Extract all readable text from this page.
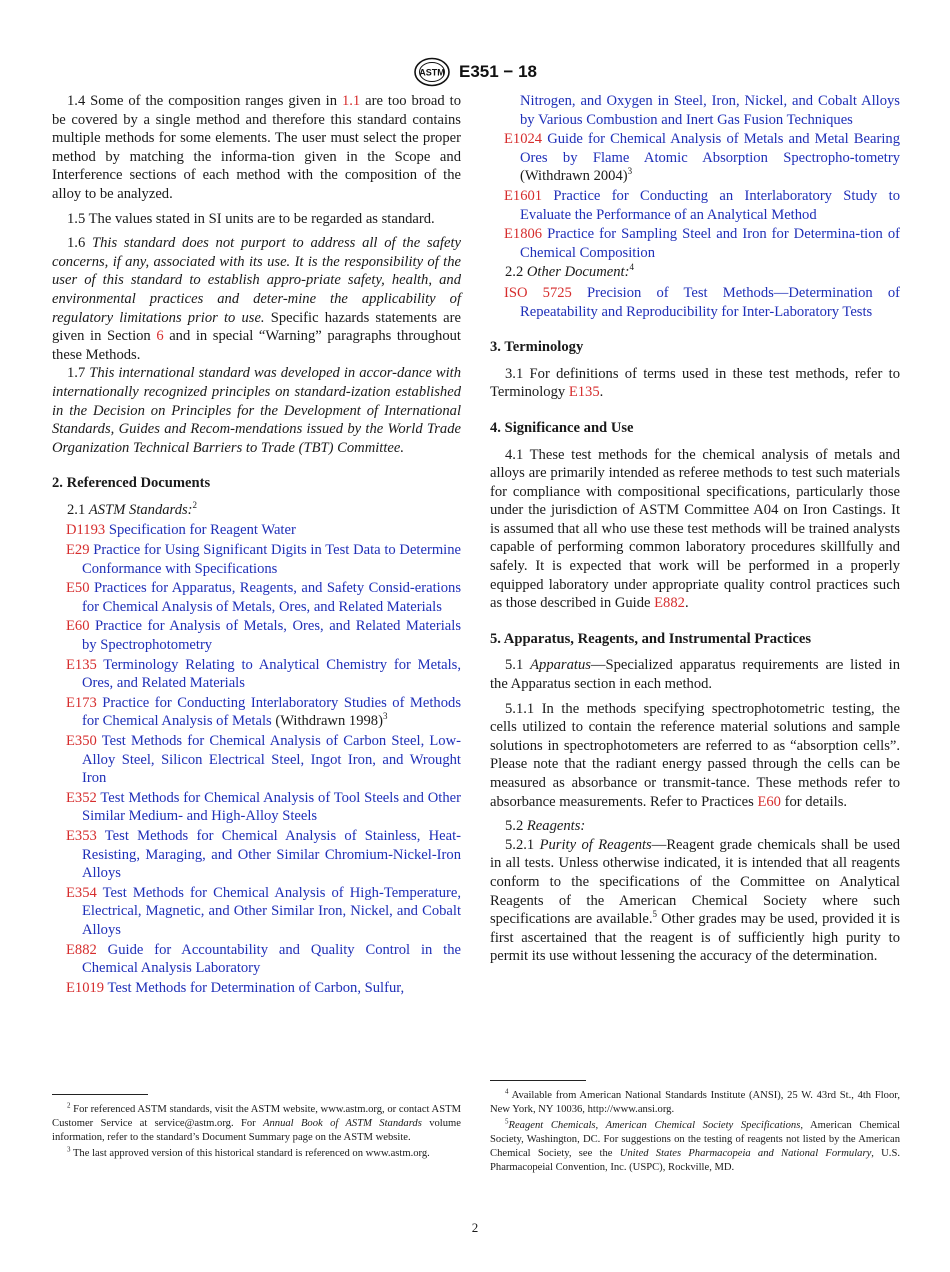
ASTM E351 − 18

1.4 Some of the composition ranges given in 1.1 are too broad to be covered by a single method and therefore this standard contains multiple methods for some elements. The user must select the proper method by matching the informa-tion given in the Scope and Interference sections of each method with the composition of the alloy to be analyzed.

1.5 The values stated in SI units are to be regarded as standard.

1.6 This standard does not purport to address all of the safety concerns, if any, associated with its use. It is the responsibility of the user of this standard to establish appro-priate safety, health, and environmental practices and deter-mine the applicability of regulatory limitations prior to use. Specific hazards statements are given in Section 6 and in special “Warning” paragraphs throughout these Methods.

1.7 This international standard was developed in accor-dance with internationally recognized principles on standard-ization established in the Decision on Principles for the Development of International Standards, Guides and Recom-mendations issued by the World Trade Organization Technical Barriers to Trade (TBT) Committee.

2. Referenced Documents

2.1 ASTM Standards:$^2$

D1193 Specification for Reagent Water
E29 Practice for Using Significant Digits in Test Data to Determine Conformance with Specifications
E50 Practices for Apparatus, Reagents, and Safety Consid-erations for Chemical Analysis of Metals, Ores, and Related Materials
E60 Practice for Analysis of Metals, Ores, and Related Materials by Spectrophotometry
E135 Terminology Relating to Analytical Chemistry for Metals, Ores, and Related Materials
E173 Practice for Conducting Interlaboratory Studies of Methods for Chemical Analysis of Metals (Withdrawn 1998)$^3$
E350 Test Methods for Chemical Analysis of Carbon Steel, Low-Alloy Steel, Silicon Electrical Steel, Ingot Iron, and Wrought Iron
E352 Test Methods for Chemical Analysis of Tool Steels and Other Similar Medium- and High-Alloy Steels
E353 Test Methods for Chemical Analysis of Stainless, Heat-Resisting, Maraging, and Other Similar Chromium-Nickel-Iron Alloys
E354 Test Methods for Chemical Analysis of High-Temperature, Electrical, Magnetic, and Other Similar Iron, Nickel, and Cobalt Alloys
E882 Guide for Accountability and Quality Control in the Chemical Analysis Laboratory
E1019 Test Methods for Determination of Carbon, Sulfur,
Nitrogen, and Oxygen in Steel, Iron, Nickel, and Cobalt Alloys by Various Combustion and Inert Gas Fusion Techniques
E1024 Guide for Chemical Analysis of Metals and Metal Bearing Ores by Flame Atomic Absorption Spectropho-tometry (Withdrawn 2004)$^3$
E1601 Practice for Conducting an Interlaboratory Study to Evaluate the Performance of an Analytical Method
E1806 Practice for Sampling Steel and Iron for Determina-tion of Chemical Composition

2.2 Other Document:$^4$

ISO 5725 Precision of Test Methods—Determination of Repeatability and Reproducibility for Inter-Laboratory Tests

3. Terminology

3.1 For definitions of terms used in these test methods, refer to Terminology E135.

4. Significance and Use

4.1 These test methods for the chemical analysis of metals and alloys are primarily intended as referee methods to test such materials for compliance with compositional specifications, particularly those under the jurisdiction of ASTM Committee A04 on Iron Castings. It is assumed that all who use these test methods will be trained analysts capable of performing common laboratory procedures skillfully and safely. It is expected that work will be performed in a properly equipped laboratory under appropriate quality control practices such as those described in Guide E882.

5. Apparatus, Reagents, and Instrumental Practices

5.1 Apparatus—Specialized apparatus requirements are listed in the Apparatus section in each method.

5.1.1 In the methods specifying spectrophotometric testing, the cells utilized to contain the reference material solutions and sample solutions in spectrophotometers are referred to as “absorption cells”. Please note that the radiant energy passed through the cells can be measured as absorbance or transmit-tance. These methods refer to absorbance measurements. Refer to Practices E60 for details.

5.2 Reagents:

5.2.1 Purity of Reagents—Reagent grade chemicals shall be used in all tests. Unless otherwise indicated, it is intended that all reagents conform to the specifications of the Committee on Analytical Reagents of the American Chemical Society where such specifications are available.$^5$ Other grades may be used, provided it is first ascertained that the reagent is of sufficiently high purity to permit its use without lessening the accuracy of the determination.

$^2$ For referenced ASTM standards, visit the ASTM website, www.astm.org, or contact ASTM Customer Service at service@astm.org. For Annual Book of ASTM Standards volume information, refer to the standard’s Document Summary page on the ASTM website.

$^3$ The last approved version of this historical standard is referenced on www.astm.org.

$^4$ Available from American National Standards Institute (ANSI), 25 W. 43rd St., 4th Floor, New York, NY 10036, http://www.ansi.org.

$^5$Reagent Chemicals, American Chemical Society Specifications, American Chemical Society, Washington, DC. For suggestions on the testing of reagents not listed by the American Chemical Society, see the United States Pharmacopeia and National Formulary, U.S. Pharmacopeial Convention, Inc. (USPC), Rockville, MD.

2
